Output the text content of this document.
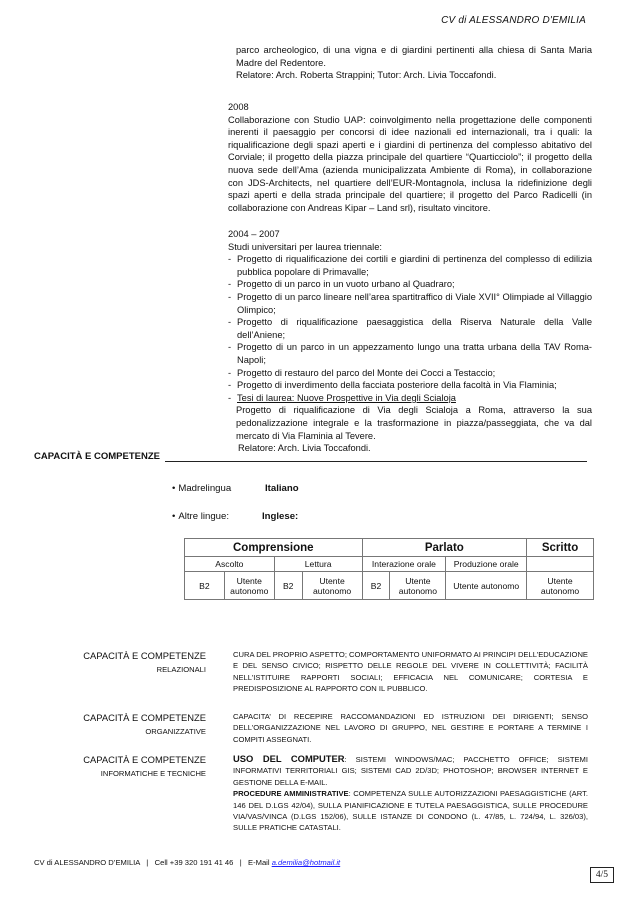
CV di ALESSANDRO D'EMILIA

parco archeologico, di una vigna e di giardini pertinenti alla chiesa di Santa Maria Madre del Redentore.

Relatore: Arch. Roberta Strappini; Tutor: Arch. Livia Toccafondi.

2008

Collaborazione con Studio UAP: coinvolgimento nella progettazione delle componenti inerenti il paesaggio per concorsi di idee nazionali ed internazionali, tra i quali: la riqualificazione degli spazi aperti e i giardini di pertinenza del complesso abitativo del Corviale; il progetto della piazza principale del quartiere “Quarticciolo”; il progetto della nuova sede dell’Ama (azienda municipalizzata Ambiente di Roma), in collaborazione con JDS-Architects, nel quartiere dell’EUR-Montagnola, inclusa la ridefinizione degli spazi aperti e della strada principale del quartiere; il progetto del Parco Radicelli (in collaborazione con Andreas Kipar – Land srl), risultato vincitore.

2004 – 2007

Studi universitari per laurea triennale:

- Progetto di riqualificazione dei cortili e giardini di pertinenza del complesso di edilizia pubblica popolare di Primavalle;
- Progetto di un parco in un vuoto urbano al Quadraro;
- Progetto di un parco lineare nell’area spartitraffico di Viale XVII° Olimpiade al Villaggio Olimpico;
- Progetto di riqualificazione paesaggistica della Riserva Naturale della Valle dell’Aniene;
- Progetto di un parco in un appezzamento lungo una tratta urbana della TAV Roma-Napoli;
- Progetto di restauro del parco del Monte dei Cocci a Testaccio;
- Progetto di inverdimento della facciata posteriore della facoltà in Via Flaminia;
- Tesi di laurea: Nuove Prospettive in Via degli Scialoja

Progetto di riqualificazione di Via degli Scialoja a Roma, attraverso la sua pedonalizzazione integrale e la trasformazione in piazza/passeggiata, che va dal mercato di Via Flaminia al Tevere.

Relatore: Arch. Livia Toccafondi.

CAPACITÀ E COMPETENZE
• Madrelingua	Italiano
• Altre lingue:	Inglese:
Comprensione				Parlato			Scritto
Ascolto		Lettura		Interazione orale		Produzione orale	
B2	Utente autonomo	B2	Utente autonomo	B2	Utente autonomo	Utente autonomo	Utente autonomo
CAPACITÀ E COMPETENZE
RELAZIONALI

CURA DEL PROPRIO ASPETTO; COMPORTAMENTO UNIFORMATO AI PRINCIPI DELL’EDUCAZIONE E DEL SENSO CIVICO; RISPETTO DELLE REGOLE DEL VIVERE IN COLLETTIVITÀ; FACILITÀ NELL’ISTITUIRE RAPPORTI SOCIALI; EFFICACIA NEL COMUNICARE; CORTESIA E PREDISPOSIZIONE AL RAPPORTO CON IL PUBBLICO.

CAPACITÀ E COMPETENZE
ORGANIZZATIVE

CAPACITA’ DI RECEPIRE RACCOMANDAZIONI ED ISTRUZIONI DEI DIRIGENTI; SENSO DELL’ORGANIZZAZIONE NEL LAVORO DI GRUPPO, NEL GESTIRE E PORTARE A TERMINE I COMPITI ASSEGNATI.

CAPACITÀ E COMPETENZE
INFORMATICHE E TECNICHE

USO DEL COMPUTER: SISTEMI WINDOWS/MAC; PACCHETTO OFFICE; SISTEMI INFORMATIVI TERRITORIALI GIS; SISTEMI CAD 2D/3D; PHOTOSHOP; BROWSER INTERNET E GESTIONE DELLA E-MAIL.

PROCEDURE AMMINISTRATIVE: COMPETENZA SULLE AUTORIZZAZIONI PAESAGGISTICHE (ART. 146 DEL D.LGS 42/04), SULLA PIANIFICAZIONE E TUTELA PAESAGGISTICA, SULLE PROCEDURE VIA/VAS/VINCA (D.LGS 152/06), SULLE ISTANZE DI CONDONO (L. 47/85, L. 724/94, L. 326/03), SULLE PRATICHE CATASTALI.

CV di ALESSANDRO D’EMILIA | Cell +39 320 191 41 46 | E-Mail a.demilia@hotmail.it
4/5
